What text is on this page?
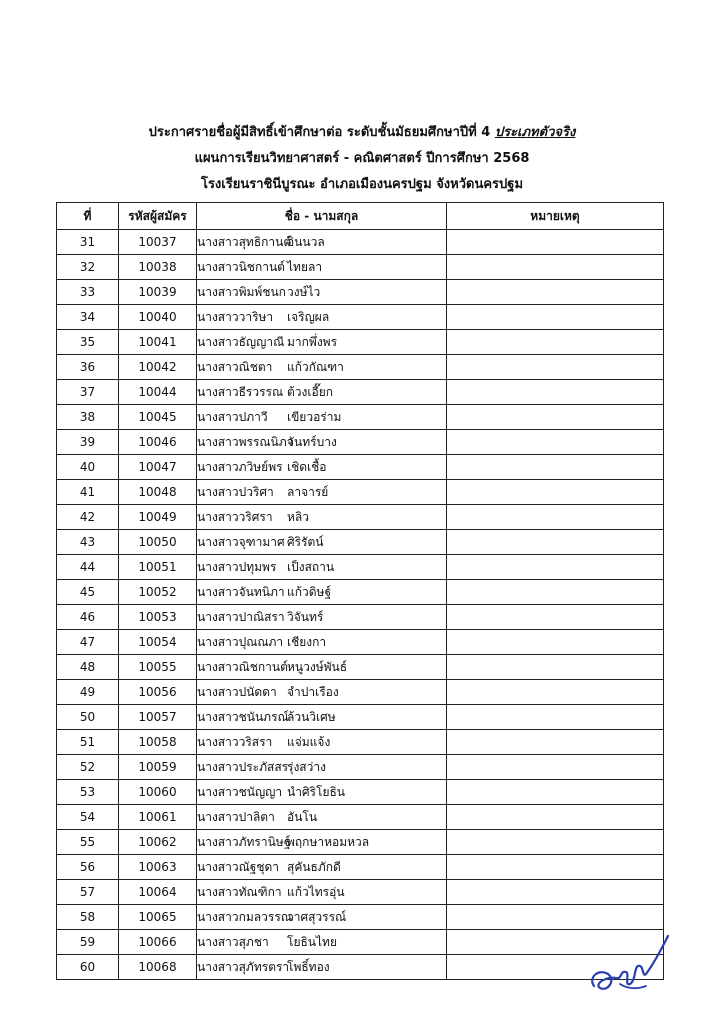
ประกาศรายชื่อผู้มีสิทธิ์เข้าศึกษาต่อ ระดับชั้นมัธยมศึกษาปีที่ 4 ประเภทตัวจริง
แผนการเรียนวิทยาศาสตร์ - คณิตศาสตร์ ปีการศึกษา 2568
โรงเรียนราชินีบูรณะ อำเภอเมืองนครปฐม จังหวัดนครปฐม
ที่	รหัสผู้สมัคร	ชื่อ - นามสกุล	หมายเหตุ
31	10037	นางสาวสุทธิกานต์อินนวล	
32	10038	นางสาวนิชกานต์ ไทยลา	
33	10039	นางสาวพิมพ์ชนกวงษ์ไว	
34	10040	นางสาววาริษา เจริญผล	
35	10041	นางสาวธัญญาณี มากพึ่งพร	
36	10042	นางสาวณิชตา แก้วกัณฑา	
37	10044	นางสาวธีรวรรณ ต้วงเอี๊ยก	
38	10045	นางสาวปภาวี เขียวอร่าม	
39	10046	นางสาวพรรณนิภาจันทร์บาง	
40	10047	นางสาวภวิษย์พร เชิดเชื้อ	
41	10048	นางสาวปวริศา ลาจารย์	
42	10049	นางสาววริศรา หลิว	
43	10050	นางสาวจุฑามาศ ศิริรัตน์	
44	10051	นางสาวปทุมพร เป็งสถาน	
45	10052	นางสาวจันทนิภา แก้วดิษฐ์	
46	10053	นางสาวปาณิสรา วิจันทร์	
47	10054	นางสาวปุณณภา เชียงกา	
48	10055	นางสาวณิชกานต์หนูวงษ์พันธ์	
49	10056	นางสาวปนัดดา จำปาเรือง	
50	10057	นางสาวชนันภรณ์ล้วนวิเศษ	
51	10058	นางสาววริสรา แจ่มแจ้ง	
52	10059	นางสาวประภัสสรรุ่งสว่าง	
53	10060	นางสาวชนัญญา นำศิริโยธิน	
54	10061	นางสาวปาลิตา อันโน	
55	10062	นางสาวภัทรานิษฐ์พฤกษาหอมหวล	
56	10063	นางสาวณัฐชุดา สุคันธภักดี	
57	10064	นางสาวทัณฑิกา แก้วไทรอุ่น	
58	10065	นางสาวกมลวรรณวาศสุวรรณ์	
59	10066	นางสาวสุภชา โยธินไทย	
60	10068	นางสาวสุภัทรตราโพธิ์ทอง	
